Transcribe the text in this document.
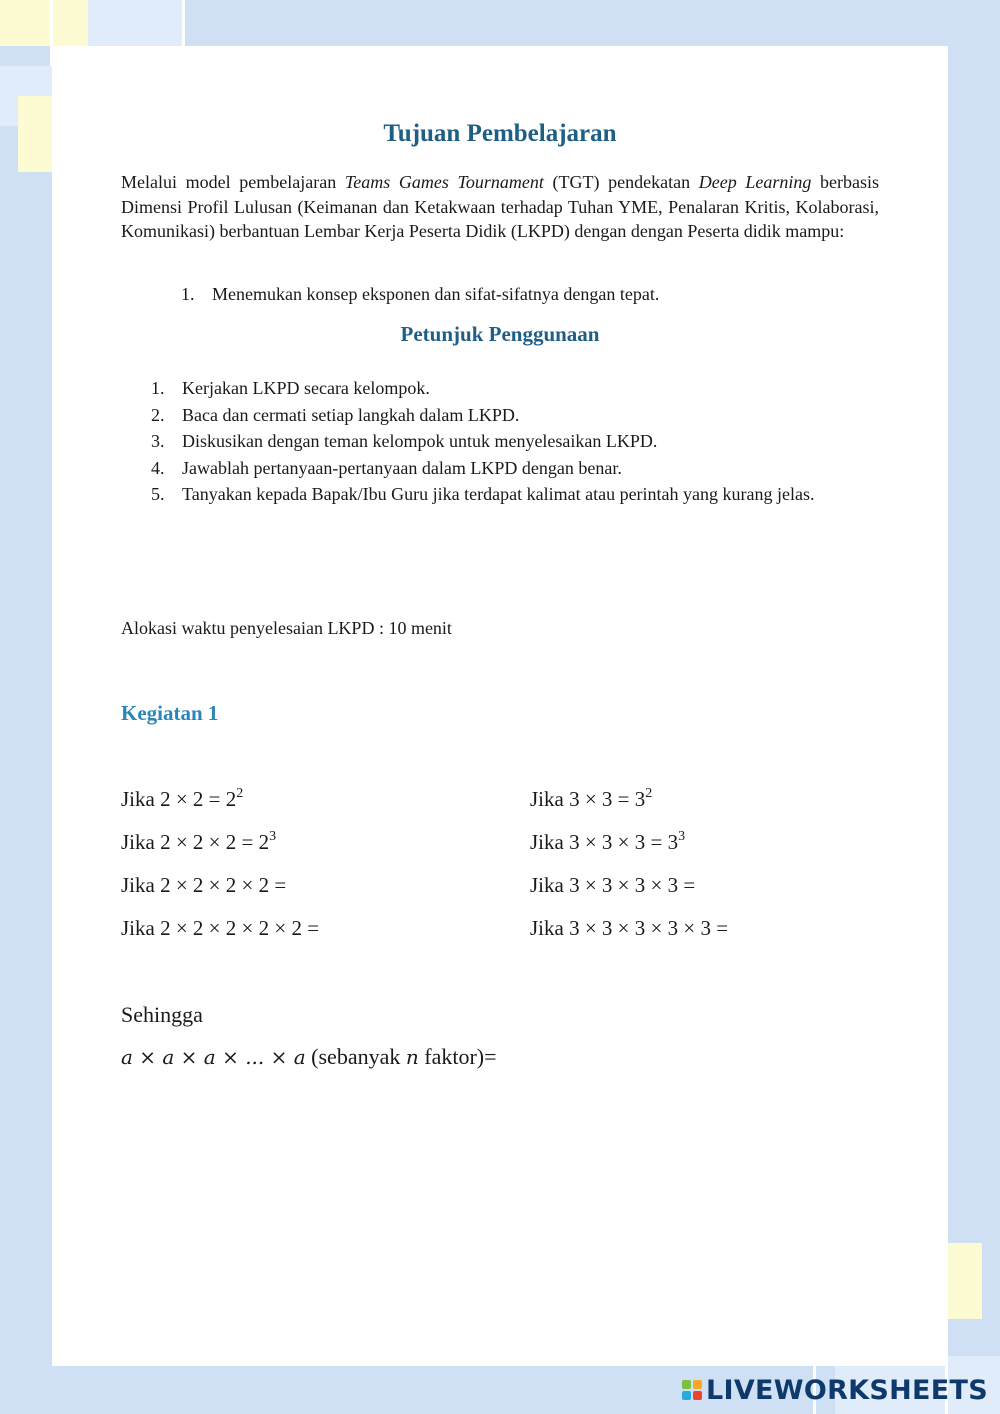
Tujuan Pembelajaran

Melalui model pembelajaran Teams Games Tournament (TGT) pendekatan Deep Learning berbasis Dimensi Profil Lulusan (Keimanan dan Ketakwaan terhadap Tuhan YME, Penalaran Kritis, Kolaborasi, Komunikasi) berbantuan Lembar Kerja Peserta Didik (LKPD) dengan dengan Peserta didik mampu:

1. Menemukan konsep eksponen dan sifat-sifatnya dengan tepat.
Petunjuk Penggunaan
1. Kerjakan LKPD secara kelompok.
2. Baca dan cermati setiap langkah dalam LKPD.
3. Diskusikan dengan teman kelompok untuk menyelesaikan LKPD.
4. Jawablah pertanyaan-pertanyaan dalam LKPD dengan benar.
5. Tanyakan kepada Bapak/Ibu Guru jika terdapat kalimat atau perintah yang kurang jelas.

Alokasi waktu penyelesaian LKPD : 10 menit

Kegiatan 1
Jika $2 \times 2 = 2^2$
Jika $2 \times 2 \times 2 = 2^3$
Jika 2 × 2 × 2 × 2 =
Jika 2 × 2 × 2 × 2 × 2 =
Jika $3 \times 3 = 3^2$
Jika $3 \times 3 \times 3 = 3^3$
Jika 3 × 3 × 3 × 3 =
Jika 3 × 3 × 3 × 3 × 3 =

Sehingga

a × a × a × ... × a (sebanyak n faktor)=

LIVEWORKSHEETS
